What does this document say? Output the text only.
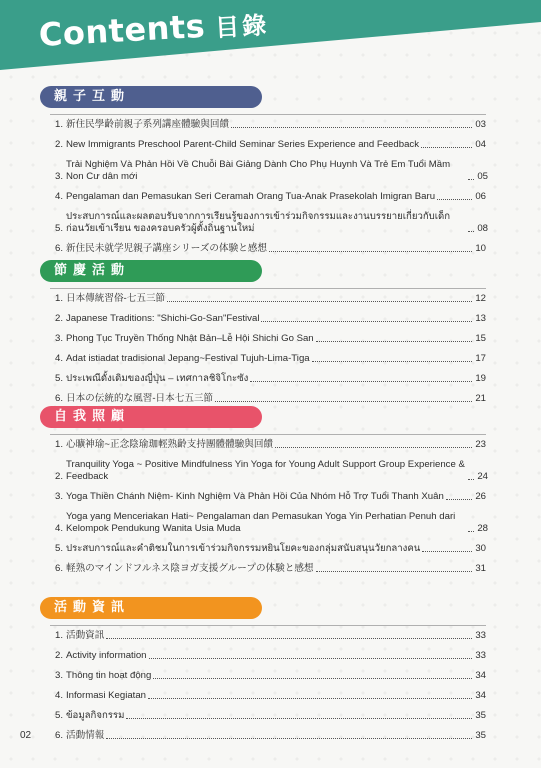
Contents 目錄
親子互動
1. 新住民學齡前親子系列講座體驗與回饋	03
2. New Immigrants Preschool Parent-Child Seminar Series Experience and Feedback	04
3.
Trải Nghiệm Và Phản Hồi Về Chuỗi Bài Giảng Dành Cho Phụ Huynh Và Trẻ Em Tuổi Mầm Non Cư dân mới	05
4. Pengalaman dan Pemasukan Seri Ceramah Orang Tua-Anak Prasekolah Imigran Baru	06
5.
ประสบการณ์และผลตอบรับจากการเรียนรู้ของการเข้าร่วมกิจกรรมและงานบรรยายเกี่ยวกับเด็กก่อนวัยเข้าเรียน ของครอบครัวผู้ตั้งถิ่นฐานใหม่	08
6. 新住民未就学児親子講座シリーズの体験と感想	10
節慶活動
1. 日本傳統習俗-七五三節	12
2. Japanese Traditions: "Shichi-Go-San"Festival	13
3. Phong Tục Truyền Thống Nhật Bản–Lễ Hội Shichi Go San	15
4. Adat istiadat tradisional Jepang~Festival Tujuh-Lima-Tiga	17
5. ประเพณีดั้งเดิมของญี่ปุ่น – เทศกาลชิจิโกะซัง	19
6. 日本の伝統的な風習-日本七五三節	21
自我照顧
1. 心曠神瑜~正念陰瑜珈輕熟齡支持團體體驗與回饋	23
2.
Tranquility Yoga ~ Positive Mindfulness Yin Yoga for Young Adult Support Group Experience & Feedback	24
3. Yoga Thiền Chánh Niệm- Kinh Nghiệm Và Phản Hồi Của Nhóm Hỗ Trợ Tuổi Thanh Xuân	26
4.
Yoga yang Menceriakan Hati~ Pengalaman dan Pemasukan Yoga Yin Perhatian Penuh dari Kelompok Pendukung Wanita Usia Muda	28
5. ประสบการณ์และคำติชมในการเข้าร่วมกิจกรรมหยินโยคะของกลุ่มสนับสนุนวัยกลางคน	30
6. 軽熟のマインドフルネス陰ヨガ支援グループの体験と感想	31
活動資訊
1. 活動資訊	33
2. Activity information	33
3. Thông tin hoạt động	34
4. Informasi Kegiatan	34
5. ข้อมูลกิจกรรม	35
6. 活動情報	35
02
